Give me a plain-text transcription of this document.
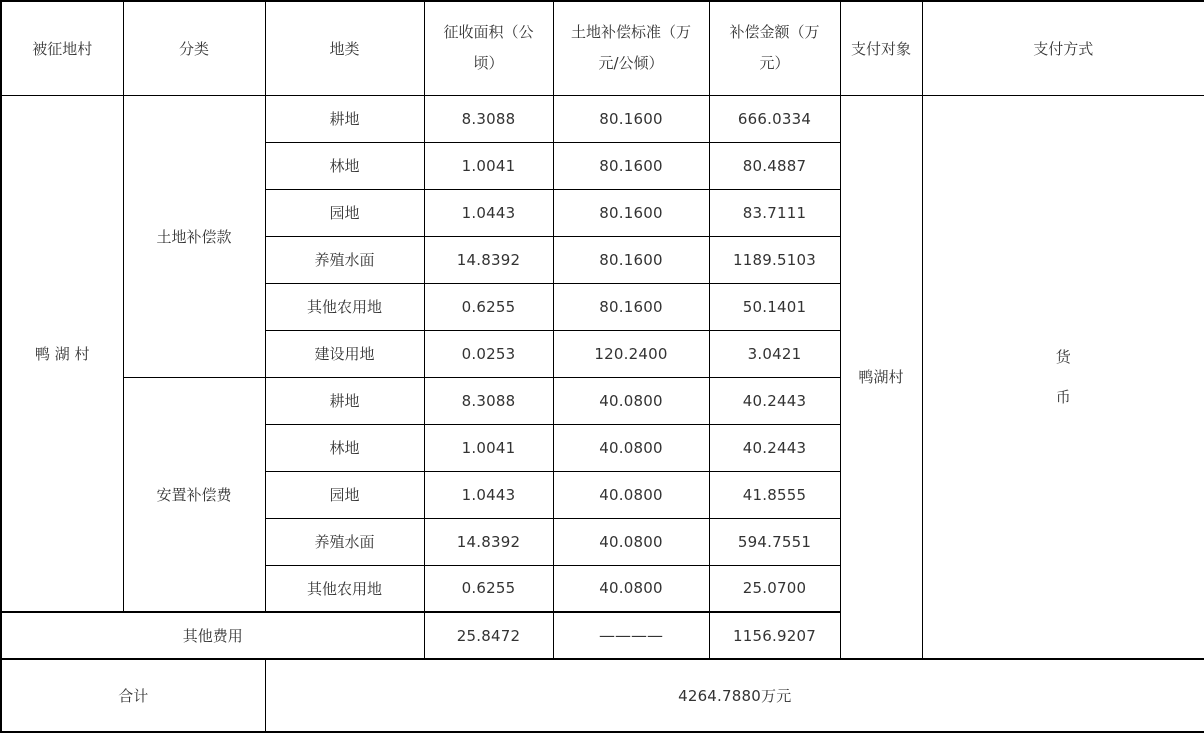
被征地村	分类	地类	征收面积（公
顷）	土地补偿标准（万
元/公倾）	补偿金额（万
元）	支付对象	支付方式
鸭 湖 村	土地补偿款	耕地	8.3088	80.1600	666.0334	鸭湖村	货
币

		林地	1.0041	80.1600	80.4887		
		园地	1.0443	80.1600	83.7111		
		养殖水面	14.8392	80.1600	1189.5103		
		其他农用地	0.6255	80.1600	50.1401		
		建设用地	0.0253	120.2400	3.0421		
	安置补偿费	耕地	8.3088	40.0800	40.2443		
		林地	1.0041	40.0800	40.2443		
		园地	1.0443	40.0800	41.8555		
		养殖水面	14.8392	40.0800	594.7551		
		其他农用地	0.6255	40.0800	25.0700		
其他费用			25.8472	————	1156.9207		
合计		4264.7880万元					
